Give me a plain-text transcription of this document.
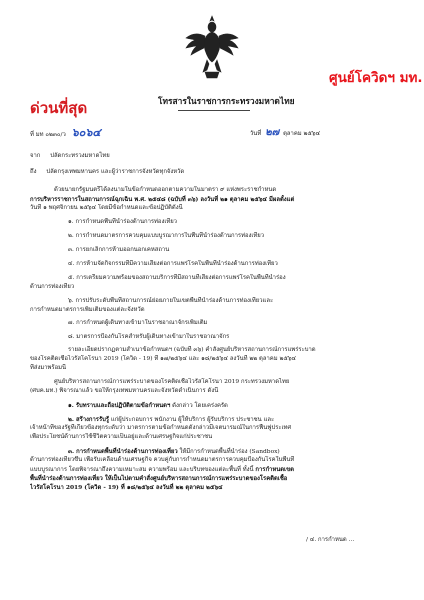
ศูนย์โควิดฯ มท.
ด่วนที่สุด	โทรสารในราชการกระทรวงมหาดไทย
ที่ มท ๐๒๓๐/ว ๖๐๖๔	วันที่ ๒๗ ตุลาคม ๒๕๖๔
จาก ปลัดกระทรวงมหาดไทย
ถึง ปลัดกรุงเทพมหานคร และผู้ว่าราชการจังหวัดทุกจังหวัด
ด้วยนายกรัฐมนตรีได้ลงนามในข้อกำหนดออกตามความในมาตรา ๙ แห่งพระราชกำหนด
การบริหารราชการในสถานการณ์ฉุกเฉิน พ.ศ. ๒๕๔๘ (ฉบับที่ ๓๖) ลงวันที่ ๒๑ ตุลาคม ๒๕๖๔ มีผลตั้งแต่
วันที่ ๑ พฤศจิกายน ๒๕๖๔ โดยมีข้อกำหนดและข้อปฏิบัติดังนี้
๑. การกำหนดพื้นที่นำร่องด้านการท่องเที่ยว
๒. การกำหนดมาตรการควบคุมแบบบูรณาการในพื้นที่นำร่องด้านการท่องเที่ยว
๓. การยกเลิกการห้ามออกนอกเคหสถาน
๔. การห้ามจัดกิจกรรมที่มีความเสี่ยงต่อการแพร่โรคในพื้นที่นำร่องด้านการท่องเที่ยว
๕. การเตรียมความพร้อมของสถานบริการที่มีสถานที่เสี่ยงต่อการแพร่โรคในพื้นที่นำร่อง
ด้านการท่องเที่ยว
๖. การปรับระดับพื้นที่สถานการณ์ย่อยภายในเขตพื้นที่นำร่องด้านการท่องเที่ยวและ
การกำหนดมาตรการเพิ่มเติมของแต่ละจังหวัด
๗. การกำหนดผู้เดินทางเข้ามาในราชอาณาจักรเพิ่มเติม
๘. มาตรการป้องกันโรคสำหรับผู้เดินทางเข้ามาในราชอาณาจักร
รายละเอียดปรากฏตามสำเนาข้อกำหนดฯ (ฉบับที่ ๓๖) คำสั่งศูนย์บริหารสถานการณ์การแพร่ระบาด
ของโรคติดเชื้อไวรัสโคโรนา 2019 (โควิด - 19) ที่ ๑๗/๒๕๖๔ และ ๑๘/๒๕๖๔ ลงวันที่ ๒๒ ตุลาคม ๒๕๖๔
ที่ส่งมาพร้อมนี้
ศูนย์บริหารสถานการณ์การแพร่ระบาดของโรคติดเชื้อไวรัสโคโรนา 2019 กระทรวงมหาดไทย
(ศบค.มท.) พิจารณาแล้ว ขอให้กรุงเทพมหานครและจังหวัดดำเนินการ ดังนี้
๑. รับทราบและถือปฏิบัติตามข้อกำหนดฯ ดังกล่าว โดยเคร่งครัด
๒. สร้างการรับรู้ แก่ผู้ประกอบการ พนักงาน ผู้ให้บริการ ผู้รับบริการ ประชาชน และ
เจ้าหน้าที่ของรัฐที่เกี่ยวข้องทุกระดับว่า มาตรการตามข้อกำหนดดังกล่าวมีเจตนารมณ์ในการฟื้นฟูประเทศ
เพื่อประโยชน์ด้านการใช้ชีวิตความเป็นอยู่และด้านเศรษฐกิจแก่ประชาชน
๓. การกำหนดพื้นที่นำร่องด้านการท่องเที่ยว ให้มีการกำหนดพื้นที่นำร่อง (Sandbox)
ด้านการท่องเที่ยวขึ้น เพื่อรับเคลื่อนด้านเศรษฐกิจ ควบคู่กับการกำหนดมาตรการควบคุมป้องกันโรคในพื้นที่
แบบบูรณาการ โดยพิจารณาถึงความเหมาะสม ความพร้อม และบริบทของแต่ละพื้นที่ ทั้งนี้ การกำหนดเขต
พื้นที่นำร่องด้านการท่องเที่ยว ให้เป็นไปตามคำสั่งศูนย์บริหารสถานการณ์การแพร่ระบาดของโรคติดเชื้อ
ไวรัสโคโรนา 2019 (โควิด - 19) ที่ ๑๘/๒๕๖๔ ลงวันที่ ๒๒ ตุลาคม ๒๕๖๔
/ ๔. การกำหนด ...
